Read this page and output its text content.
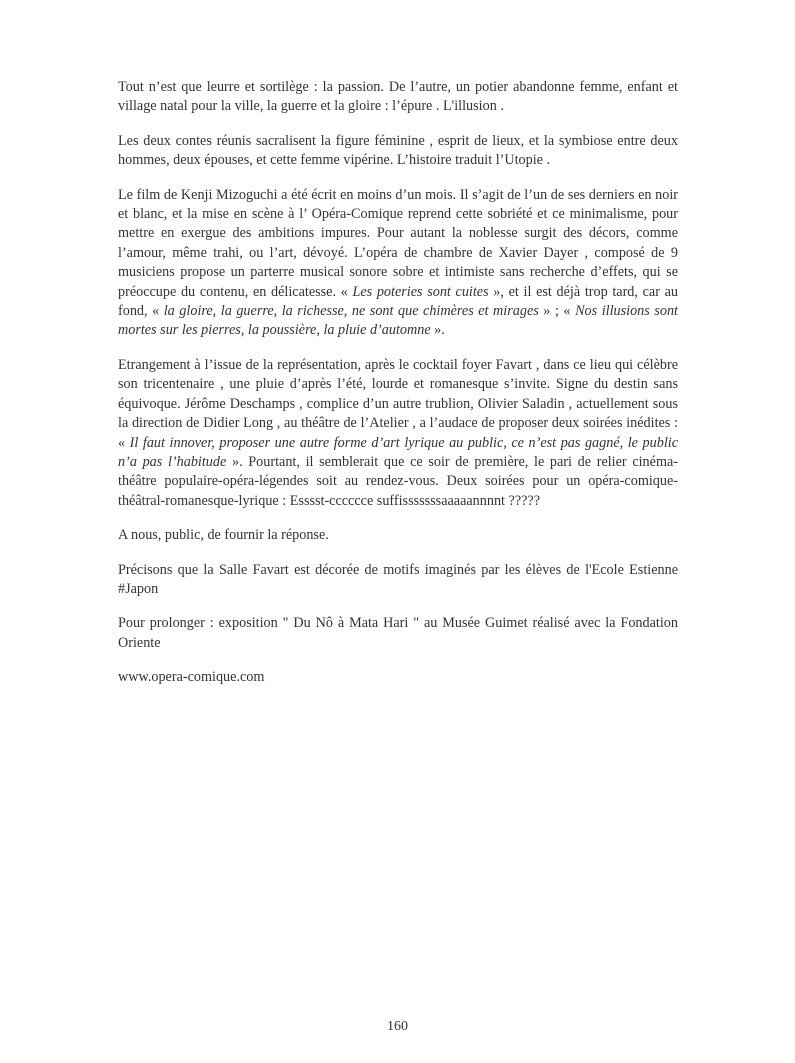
Tout n’est que leurre et sortilège : la passion. De l’autre, un potier abandonne femme, enfant et village natal pour la ville, la guerre et la gloire : l’épure . L'illusion .

Les deux contes réunis sacralisent la figure féminine , esprit de lieux, et la symbiose entre deux hommes, deux épouses, et cette femme vipérine. L’histoire traduit l’Utopie .

Le film de Kenji Mizoguchi a été écrit en moins d’un mois. Il s’agit de l’un de ses derniers en noir et blanc, et la mise en scène à l’ Opéra-Comique reprend cette sobriété et ce minimalisme, pour mettre en exergue des ambitions impures. Pour autant la noblesse surgit des décors, comme l’amour, même trahi, ou l’art, dévoyé. L’opéra de chambre de Xavier Dayer , composé de 9 musiciens propose un parterre musical sonore sobre et intimiste sans recherche d’effets, qui se préoccupe du contenu, en délicatesse. « Les poteries sont cuites », et il est déjà trop tard, car au fond, « la gloire, la guerre, la richesse, ne sont que chimères et mirages » ; « Nos illusions sont mortes sur les pierres, la poussière, la pluie d’automne ».

Etrangement à l’issue de la représentation, après le cocktail foyer Favart , dans ce lieu qui célèbre son tricentenaire , une pluie d’après l’été, lourde et romanesque s’invite. Signe du destin sans équivoque. Jérôme Deschamps , complice d’un autre trublion, Olivier Saladin , actuellement sous la direction de Didier Long , au théâtre de l’Atelier , a l’audace de proposer deux soirées inédites : « Il faut innover, proposer une autre forme d’art lyrique au public, ce n’est pas gagné, le public n’a pas l’habitude ». Pourtant, il semblerait que ce soir de première, le pari de relier cinéma-théâtre populaire-opéra-légendes soit au rendez-vous. Deux soirées pour un opéra-comique-théâtral-romanesque-lyrique : Esssst-cccccce suffisssssssaaaaannnnt ?????

A nous, public, de fournir la réponse.

Précisons que la Salle Favart est décorée de motifs imaginés par les élèves de l'Ecole Estienne #Japon

Pour prolonger : exposition " Du Nô à Mata Hari " au Musée Guimet réalisé avec la Fondation Oriente

www.opera-comique.com

160
